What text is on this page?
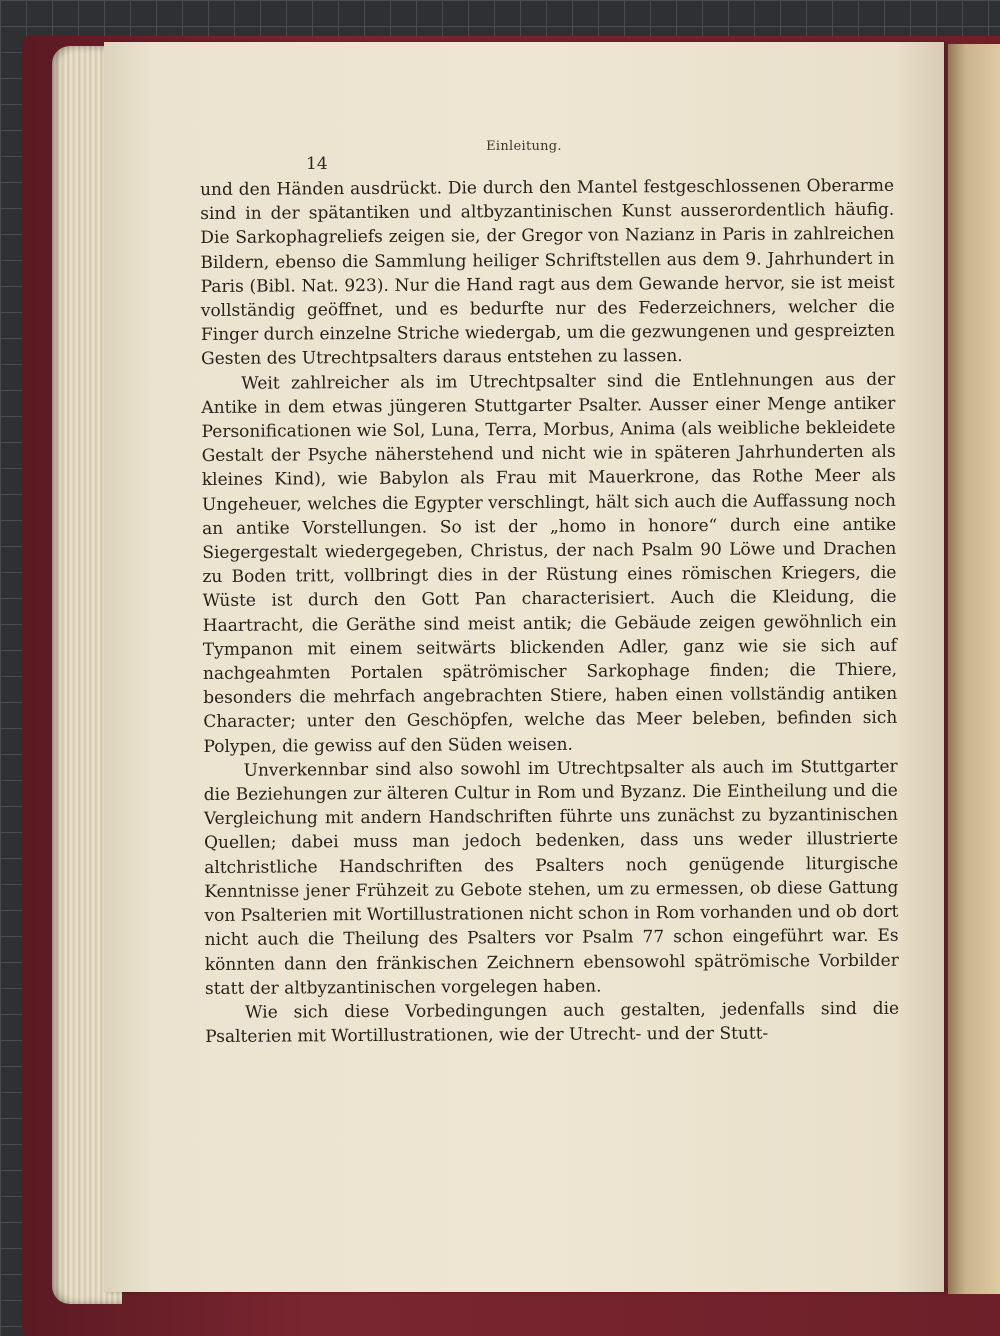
Einleitung.
14

und den Händen ausdrückt. Die durch den Mantel festgeschlossenen Oberarme sind in der spätantiken und altbyzantinischen Kunst ausserordentlich häufig. Die Sarkophagreliefs zeigen sie, der Gregor von Nazianz in Paris in zahlreichen Bildern, ebenso die Sammlung heiliger Schriftstellen aus dem 9. Jahrhundert in Paris (Bibl. Nat. 923). Nur die Hand ragt aus dem Gewande hervor, sie ist meist vollständig geöffnet, und es bedurfte nur des Federzeichners, welcher die Finger durch einzelne Striche wiedergab, um die gezwungenen und gespreizten Gesten des Utrechtpsalters daraus entstehen zu lassen.

Weit zahlreicher als im Utrechtpsalter sind die Entlehnungen aus der Antike in dem etwas jüngeren Stuttgarter Psalter. Ausser einer Menge antiker Personificationen wie Sol, Luna, Terra, Morbus, Anima (als weibliche bekleidete Gestalt der Psyche näherstehend und nicht wie in späteren Jahrhunderten als kleines Kind), wie Babylon als Frau mit Mauerkrone, das Rothe Meer als Ungeheuer, welches die Egypter verschlingt, hält sich auch die Auffassung noch an antike Vorstellungen. So ist der „homo in honore“ durch eine antike Siegergestalt wiedergegeben, Christus, der nach Psalm 90 Löwe und Drachen zu Boden tritt, vollbringt dies in der Rüstung eines römischen Kriegers, die Wüste ist durch den Gott Pan characterisiert. Auch die Kleidung, die Haartracht, die Geräthe sind meist antik; die Gebäude zeigen gewöhnlich ein Tympanon mit einem seitwärts blickenden Adler, ganz wie sie sich auf nachgeahmten Portalen spätrömischer Sarkophage finden; die Thiere, besonders die mehrfach angebrachten Stiere, haben einen vollständig antiken Character; unter den Geschöpfen, welche das Meer beleben, befinden sich Polypen, die gewiss auf den Süden weisen.

Unverkennbar sind also sowohl im Utrechtpsalter als auch im Stuttgarter die Beziehungen zur älteren Cultur in Rom und Byzanz. Die Eintheilung und die Vergleichung mit andern Handschriften führte uns zunächst zu byzantinischen Quellen; dabei muss man jedoch bedenken, dass uns weder illustrierte altchristliche Handschriften des Psalters noch genügende liturgische Kenntnisse jener Frühzeit zu Gebote stehen, um zu ermessen, ob diese Gattung von Psalterien mit Wortillustrationen nicht schon in Rom vorhanden und ob dort nicht auch die Theilung des Psalters vor Psalm 77 schon eingeführt war. Es könnten dann den fränkischen Zeichnern ebensowohl spätrömische Vorbilder statt der altbyzantinischen vorgelegen haben.

Wie sich diese Vorbedingungen auch gestalten, jedenfalls sind die Psalterien mit Wortillustrationen, wie der Utrecht- und der Stutt-
